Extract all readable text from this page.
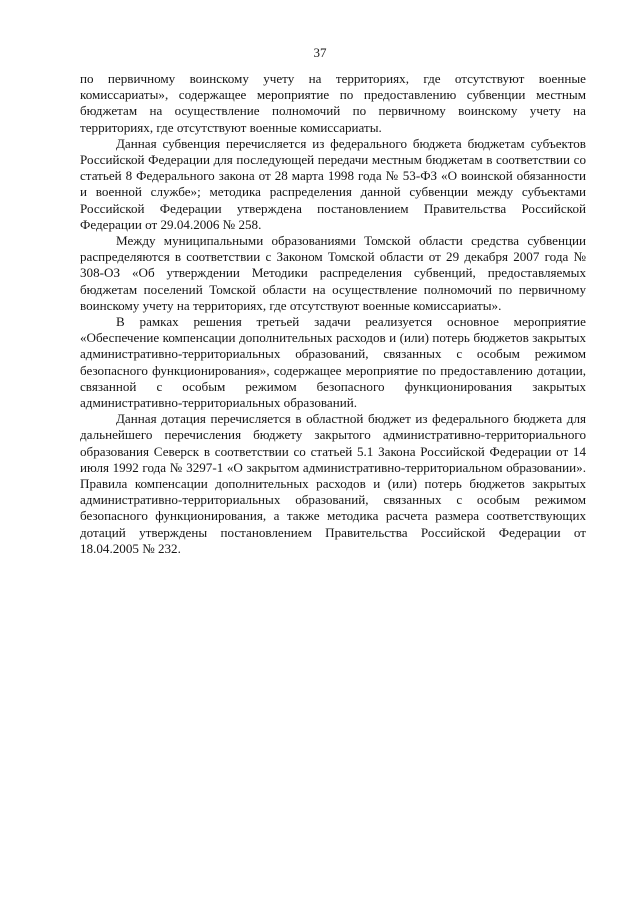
37

по первичному воинскому учету на территориях, где отсутствуют военные комиссариаты», содержащее мероприятие по предоставлению субвенции местным бюджетам на осуществление полномочий по первичному воинскому учету на территориях, где отсутствуют военные комиссариаты.

Данная субвенция перечисляется из федерального бюджета бюджетам субъектов Российской Федерации для последующей передачи местным бюджетам в соответствии со статьей 8 Федерального закона от 28 марта 1998 года № 53-ФЗ «О воинской обязанности и военной службе»; методика распределения данной субвенции между субъектами Российской Федерации утверждена постановлением Правительства Российской Федерации от 29.04.2006 № 258.

Между муниципальными образованиями Томской области средства субвенции распределяются в соответствии с Законом Томской области от 29 декабря 2007 года № 308-ОЗ «Об утверждении Методики распределения субвенций, предоставляемых бюджетам поселений Томской области на осуществление полномочий по первичному воинскому учету на территориях, где отсутствуют военные комиссариаты».

В рамках решения третьей задачи реализуется основное мероприятие «Обеспечение компенсации дополнительных расходов и (или) потерь бюджетов закрытых административно-территориальных образований, связанных с особым режимом безопасного функционирования», содержащее мероприятие по предоставлению дотации, связанной с особым режимом безопасного функционирования закрытых административно-территориальных образований.

Данная дотация перечисляется в областной бюджет из федерального бюджета для дальнейшего перечисления бюджету закрытого административно-территориального образования Северск в соответствии со статьей 5.1 Закона Российской Федерации от 14 июля 1992 года № 3297-1 «О закрытом административно-территориальном образовании». Правила компенсации дополнительных расходов и (или) потерь бюджетов закрытых административно-территориальных образований, связанных с особым режимом безопасного функционирования, а также методика расчета размера соответствующих дотаций утверждены постановлением Правительства Российской Федерации от 18.04.2005 № 232.
